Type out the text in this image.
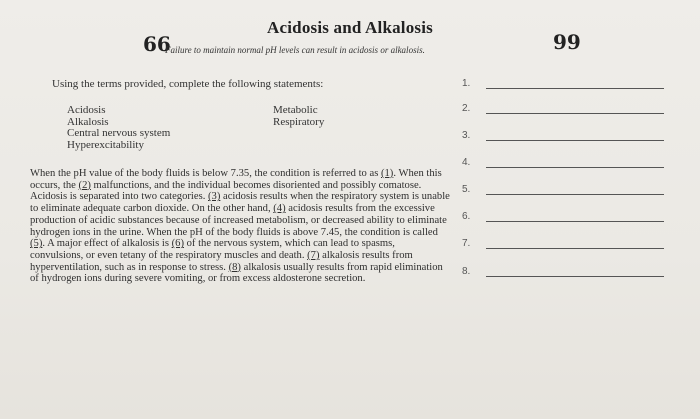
Acidosis and Alkalosis
66
Failure to maintain normal pH levels can result in acidosis or alkalosis.	99
Using the terms provided, complete the following statements:
Acidosis
Alkalosis
Central nervous system
Hyperexcitability
Metabolic
Respiratory
When the pH value of the body fluids is below 7.35, the condition is referred to as (1). When this occurs, the (2) malfunctions, and the individual becomes disoriented and possibly comatose. Acidosis is separated into two categories. (3) acidosis results when the respiratory system is unable to eliminate adequate carbon dioxide. On the other hand, (4) acidosis results from the excessive production of acidic substances because of increased metabolism, or decreased ability to eliminate hydrogen ions in the urine. When the pH of the body fluids is above 7.45, the condition is called (5). A major effect of alkalosis is (6) of the nervous system, which can lead to spasms, convulsions, or even tetany of the respiratory muscles and death. (7) alkalosis results from hyperventilation, such as in response to stress. (8) alkalosis usually results from rapid elimination of hydrogen ions during severe vomiting, or from excess aldosterone secretion.
1.
2.
3.
4.
5.
6.
7.
8.
